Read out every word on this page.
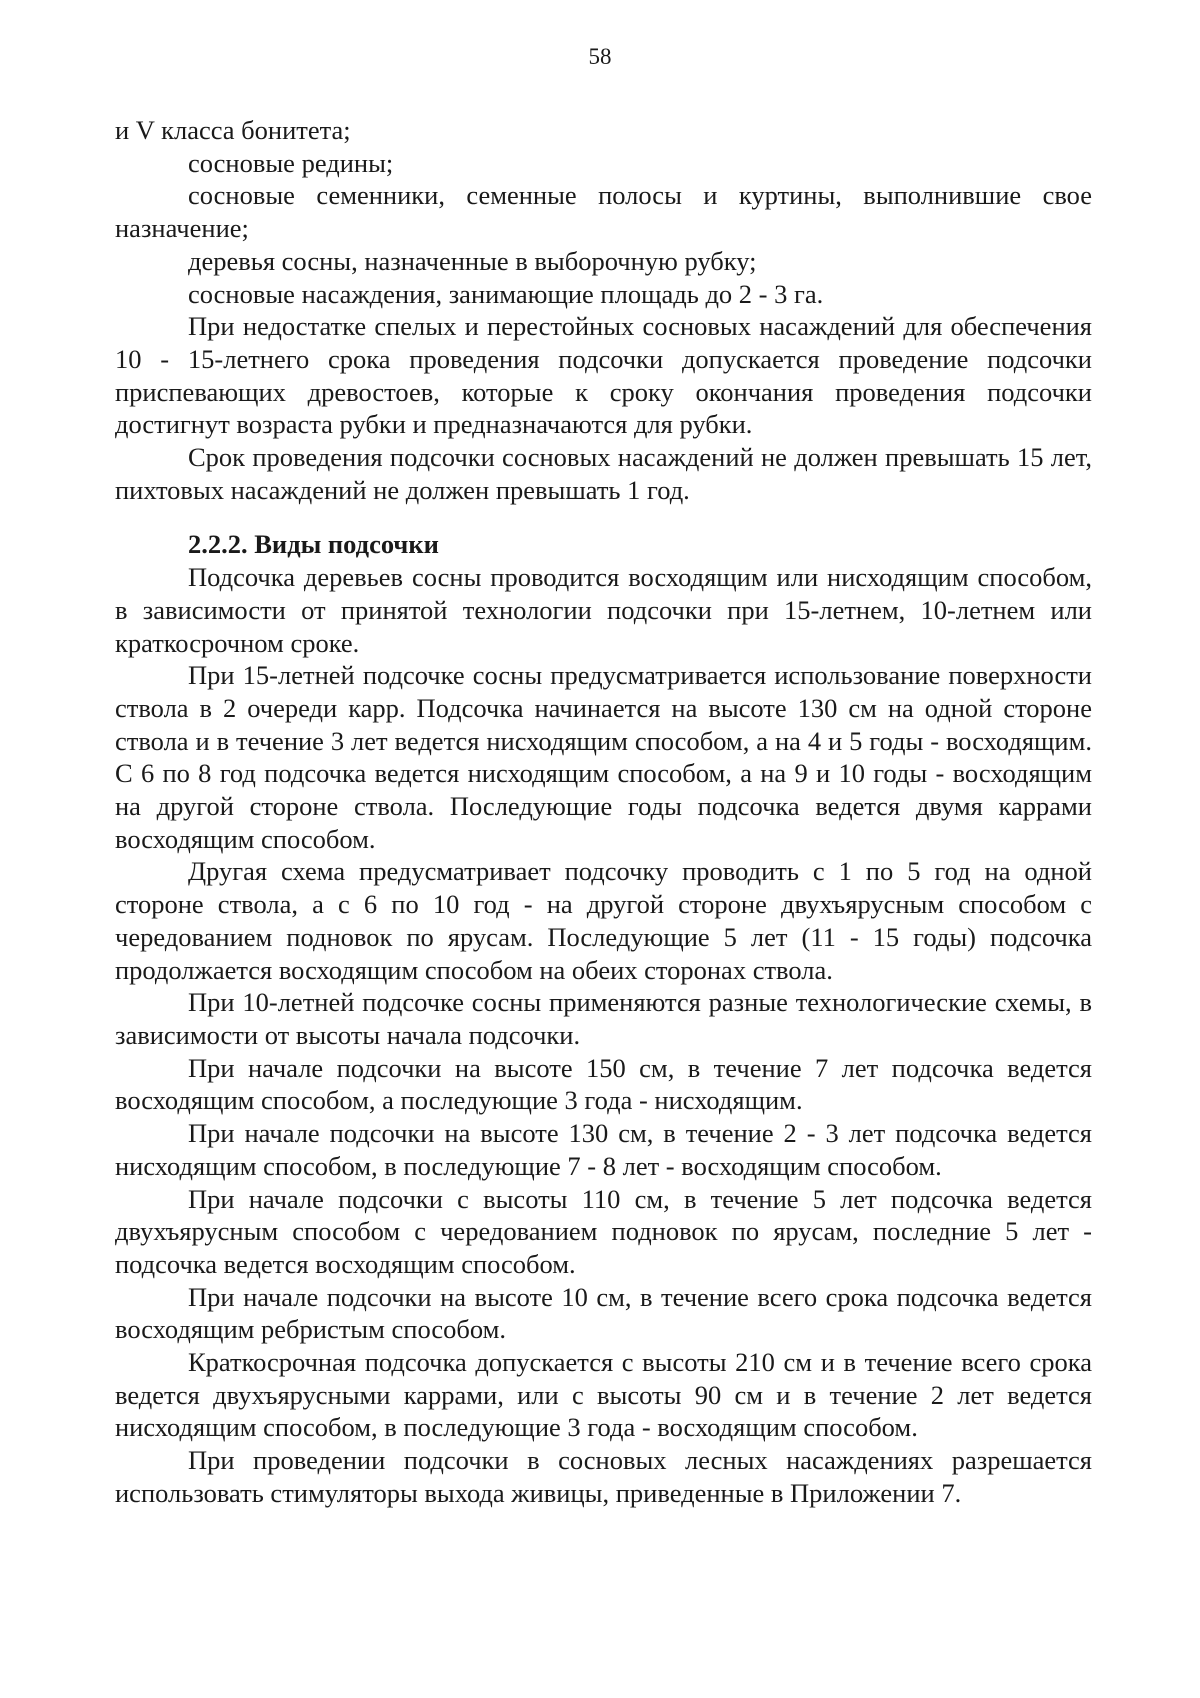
58

и V класса бонитета;

сосновые редины;

сосновые семенники, семенные полосы и куртины, выполнившие свое назначение;

деревья сосны, назначенные в выборочную рубку;

сосновые насаждения, занимающие площадь до 2 - 3 га.

При недостатке спелых и перестойных сосновых насаждений для обеспечения 10 - 15-летнего срока проведения подсочки допускается проведение подсочки приспевающих древостоев, которые к сроку окончания проведения подсочки достигнут возраста рубки и предназначаются для рубки.

Срок проведения подсочки сосновых насаждений не должен превышать 15 лет, пихтовых насаждений не должен превышать 1 год.

2.2.2. Виды подсочки

Подсочка деревьев сосны проводится восходящим или нисходящим способом, в зависимости от принятой технологии подсочки при 15-летнем, 10-летнем или краткосрочном сроке.

При 15-летней подсочке сосны предусматривается использование поверхности ствола в 2 очереди карр. Подсочка начинается на высоте 130 см на одной стороне ствола и в течение 3 лет ведется нисходящим способом, а на 4 и 5 годы - восходящим. С 6 по 8 год подсочка ведется нисходящим способом, а на 9 и 10 годы - восходящим на другой стороне ствола. Последующие годы подсочка ведется двумя каррами восходящим способом.

Другая схема предусматривает подсочку проводить с 1 по 5 год на одной стороне ствола, а с 6 по 10 год - на другой стороне двухъярусным способом с чередованием подновок по ярусам. Последующие 5 лет (11 - 15 годы) подсочка продолжается восходящим способом на обеих сторонах ствола.

При 10-летней подсочке сосны применяются разные технологические схемы, в зависимости от высоты начала подсочки.

При начале подсочки на высоте 150 см, в течение 7 лет подсочка ведется восходящим способом, а последующие 3 года - нисходящим.

При начале подсочки на высоте 130 см, в течение 2 - 3 лет подсочка ведется нисходящим способом, в последующие 7 - 8 лет - восходящим способом.

При начале подсочки с высоты 110 см, в течение 5 лет подсочка ведется двухъярусным способом с чередованием подновок по ярусам, последние 5 лет - подсочка ведется восходящим способом.

При начале подсочки на высоте 10 см, в течение всего срока подсочка ведется восходящим ребристым способом.

Краткосрочная подсочка допускается с высоты 210 см и в течение всего срока ведется двухъярусными каррами, или с высоты 90 см и в течение 2 лет ведется нисходящим способом, в последующие 3 года - восходящим способом.

При проведении подсочки в сосновых лесных насаждениях разрешается использовать стимуляторы выхода живицы, приведенные в Приложении 7.
